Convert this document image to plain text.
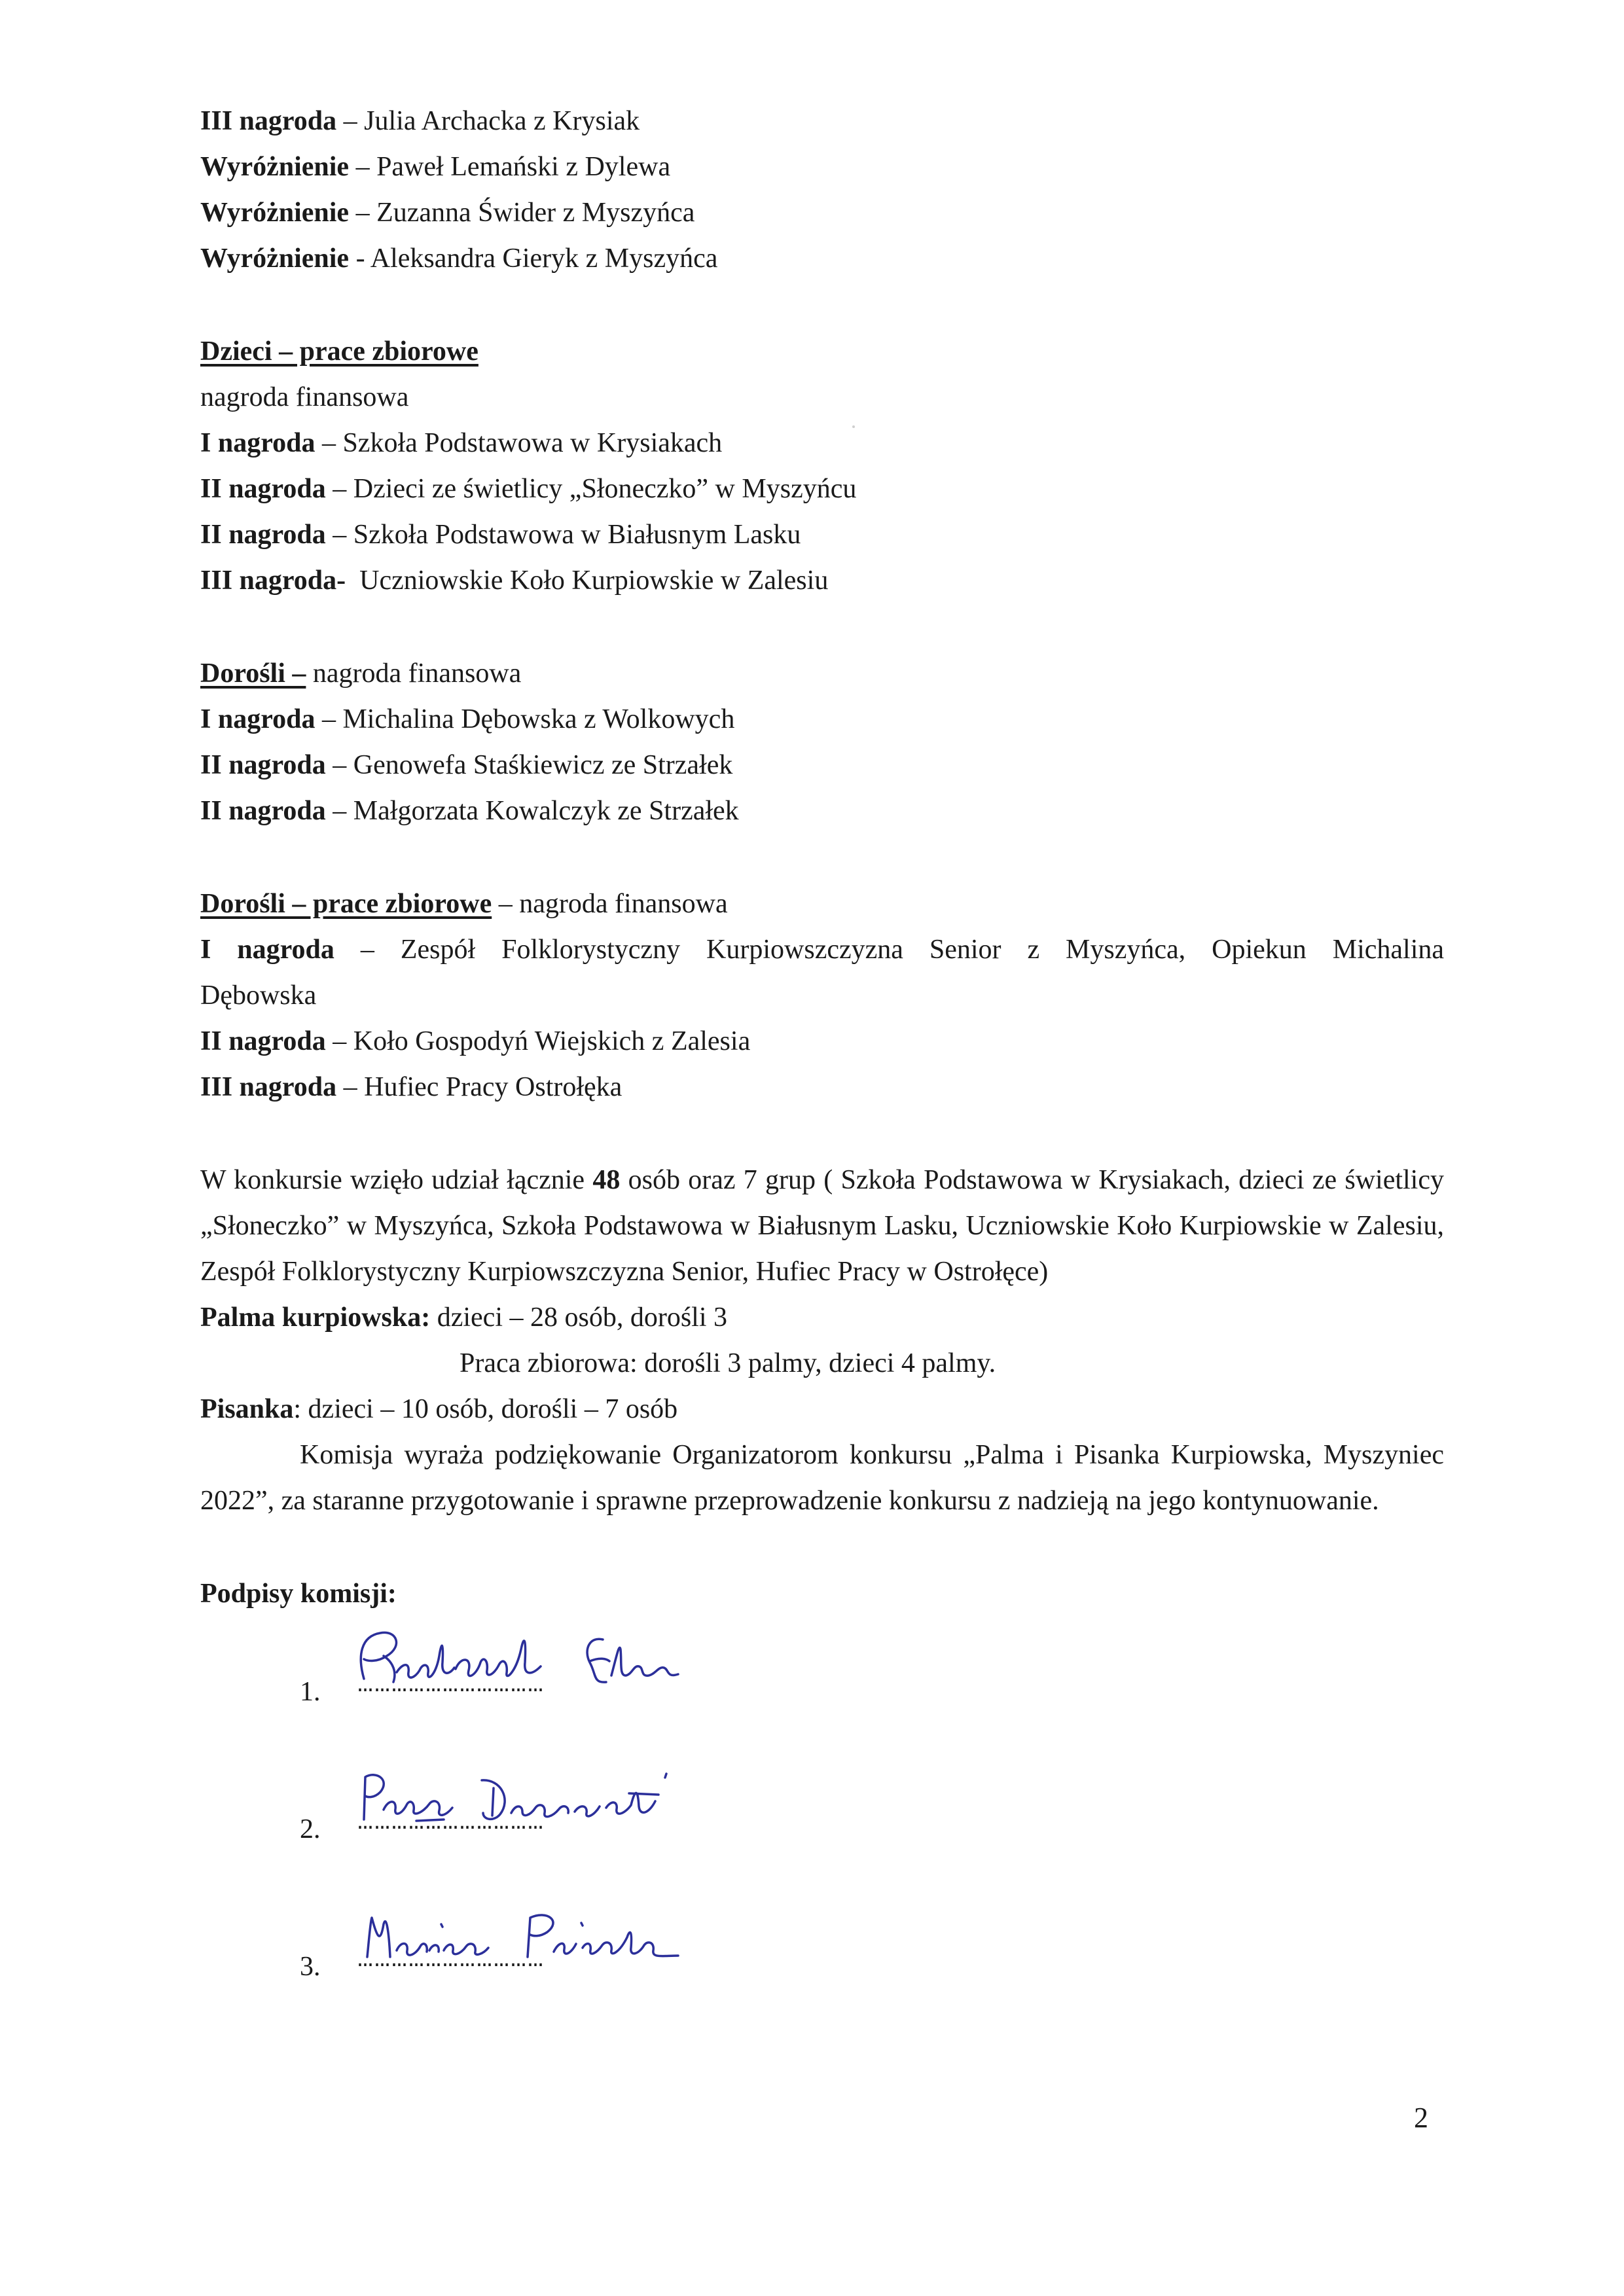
III nagroda – Julia Archacka z Krysiak
Wyróżnienie – Paweł Lemański z Dylewa
Wyróżnienie – Zuzanna Świder z Myszyńca
Wyróżnienie - Aleksandra Gieryk z Myszyńca
Dzieci – prace zbiorowe
nagroda finansowa
I nagroda – Szkoła Podstawowa w Krysiakach
II nagroda – Dzieci ze świetlicy „Słoneczko” w Myszyńcu
II nagroda – Szkoła Podstawowa w Białusnym Lasku
III nagroda- Uczniowskie Koło Kurpiowskie w Zalesiu
Dorośli – nagroda finansowa
I nagroda – Michalina Dębowska z Wolkowych
II nagroda – Genowefa Staśkiewicz ze Strzałek
II nagroda – Małgorzata Kowalczyk ze Strzałek
Dorośli – prace zbiorowe – nagroda finansowa
I nagroda – Zespół Folklorystyczny Kurpiowszczyzna Senior z Myszyńca, Opiekun Michalina
Dębowska
II nagroda – Koło Gospodyń Wiejskich z Zalesia
III nagroda – Hufiec Pracy Ostrołęka
W konkursie wzięło udział łącznie 48 osób oraz 7 grup ( Szkoła Podstawowa w Krysiakach, dzieci ze świetlicy „Słoneczko” w Myszyńca, Szkoła Podstawowa w Białusnym Lasku, Uczniowskie Koło Kurpiowskie w Zalesiu, Zespół Folklorystyczny Kurpiowszczyzna Senior, Hufiec Pracy w Ostrołęce)
Palma kurpiowska: dzieci – 28 osób, dorośli 3
Praca zbiorowa: dorośli 3 palmy, dzieci 4 palmy.
Pisanka: dzieci – 10 osób, dorośli – 7 osób
Komisja wyraża podziękowanie Organizatorom konkursu „Palma i Pisanka Kurpiowska, Myszyniec 2022”, za staranne przygotowanie i sprawne przeprowadzenie konkursu z nadzieją na jego kontynuowanie.
Podpisy komisji:
1. ……………………………
2. ……………………………
3. ……………………………
2
